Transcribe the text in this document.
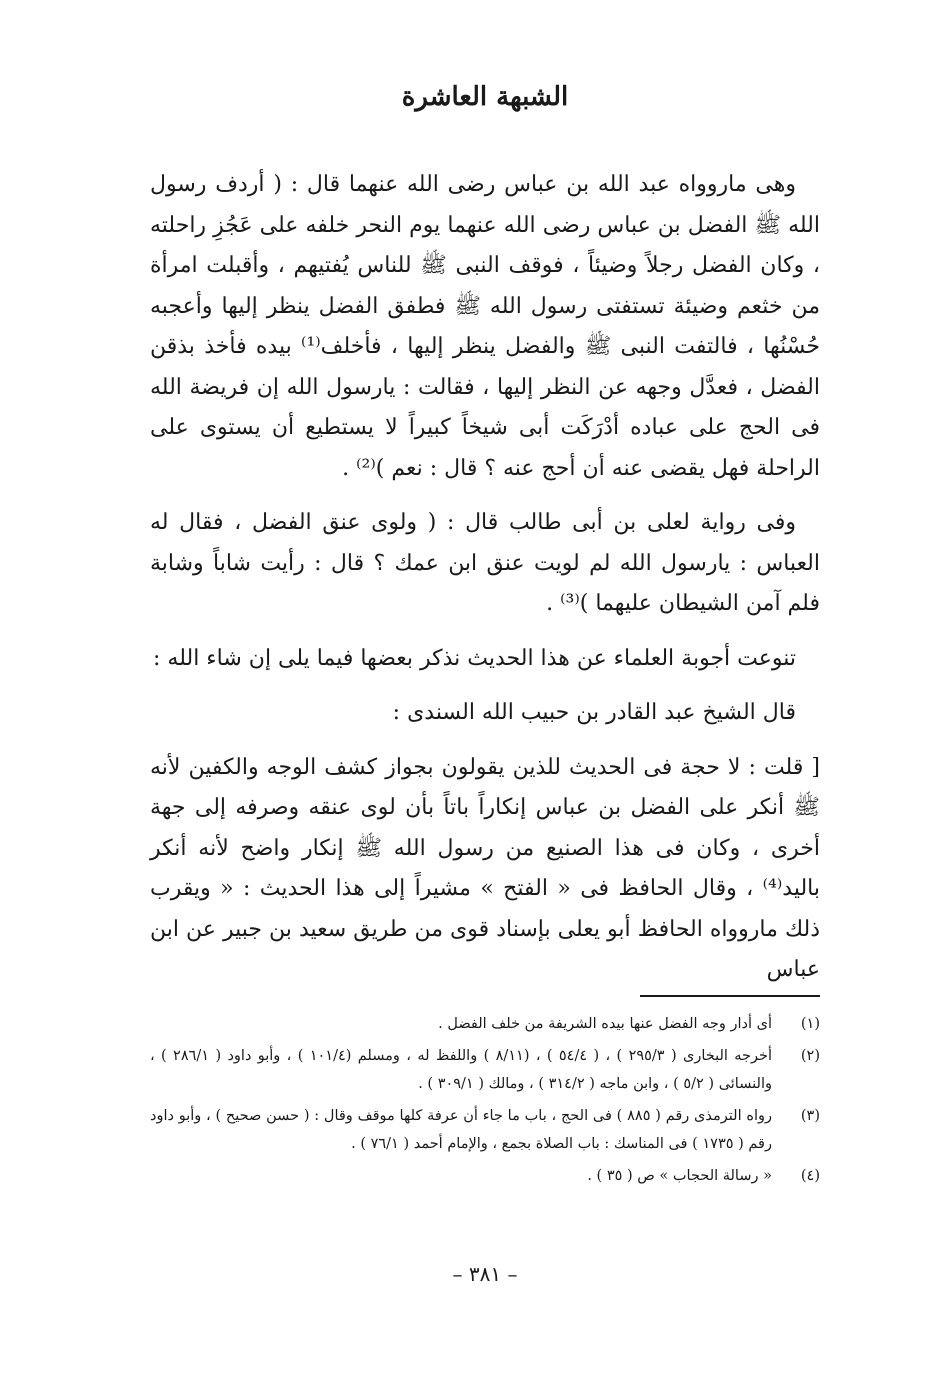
الشبهة العاشرة

وهى ماروواه عبد الله بن عباس رضى الله عنهما قال : ( أردف رسول الله ﷺ الفضل بن عباس رضى الله عنهما يوم النحر خلفه على عَجُزِ راحلته ، وكان الفضل رجلاً وضيئاً ، فوقف النبى ﷺ للناس يُفتيهم ، وأقبلت امرأة من خثعم وضيئة تستفتى رسول الله ﷺ فطفق الفضل ينظر إليها وأعجبه حُسْنُها ، فالتفت النبى ﷺ والفضل ينظر إليها ، فأخلف⁽¹⁾ بيده فأخذ بذقن الفضل ، فعدَّل وجهه عن النظر إليها ، فقالت : يارسول الله إن فريضة الله فى الحج على عباده أدْرَكَت أبى شيخاً كبيراً لا يستطيع أن يستوى على الراحلة فهل يقضى عنه أن أحج عنه ؟ قال : نعم )⁽²⁾ .

وفى رواية لعلى بن أبى طالب قال : ( ولوى عنق الفضل ، فقال له العباس : يارسول الله لم لويت عنق ابن عمك ؟ قال : رأيت شاباً وشابة فلم آمن الشيطان عليهما )⁽³⁾ .

تنوعت أجوبة العلماء عن هذا الحديث نذكر بعضها فيما يلى إن شاء الله :

قال الشيخ عبد القادر بن حبيب الله السندى :

[ قلت : لا حجة فى الحديث للذين يقولون بجواز كشف الوجه والكفين لأنه ﷺ أنكر على الفضل بن عباس إنكاراً باتاً بأن لوى عنقه وصرفه إلى جهة أخرى ، وكان فى هذا الصنيع من رسول الله ﷺ إنكار واضح لأنه أنكر باليد⁽⁴⁾ ، وقال الحافظ فى « الفتح » مشيراً إلى هذا الحديث : « ويقرب ذلك ماروواه الحافظ أبو يعلى بإسناد قوى من طريق سعيد بن جبير عن ابن عباس

(١)
أى أدار وجه الفضل عنها بيده الشريفة من خلف الفضل .
(٢)
أخرجه البخارى ( ٢٩٥/٣ ) ، ( ٥٤/٤ ) ، (٨/١١ ) واللفظ له ، ومسلم (١٠١/٤ ) ، وأبو داود ( ٢٨٦/١ ) ، والنسائى ( ٥/٢ ) ، وابن ماجه ( ٣١٤/٢ ) ، ومالك ( ٣٠٩/١ ) .
(٣)
رواه الترمذى رقم ( ٨٨٥ ) فى الحج ، باب ما جاء أن عرفة كلها موقف وقال : ( حسن صحيح ) ، وأبو داود رقم ( ١٧٣٥ ) فى المناسك : باب الصلاة بجمع ، والإمام أحمد ( ٧٦/١ ) .
(٤)
« رسالة الحجاب » ص ( ٣٥ ) .

– ٣٨١ –
